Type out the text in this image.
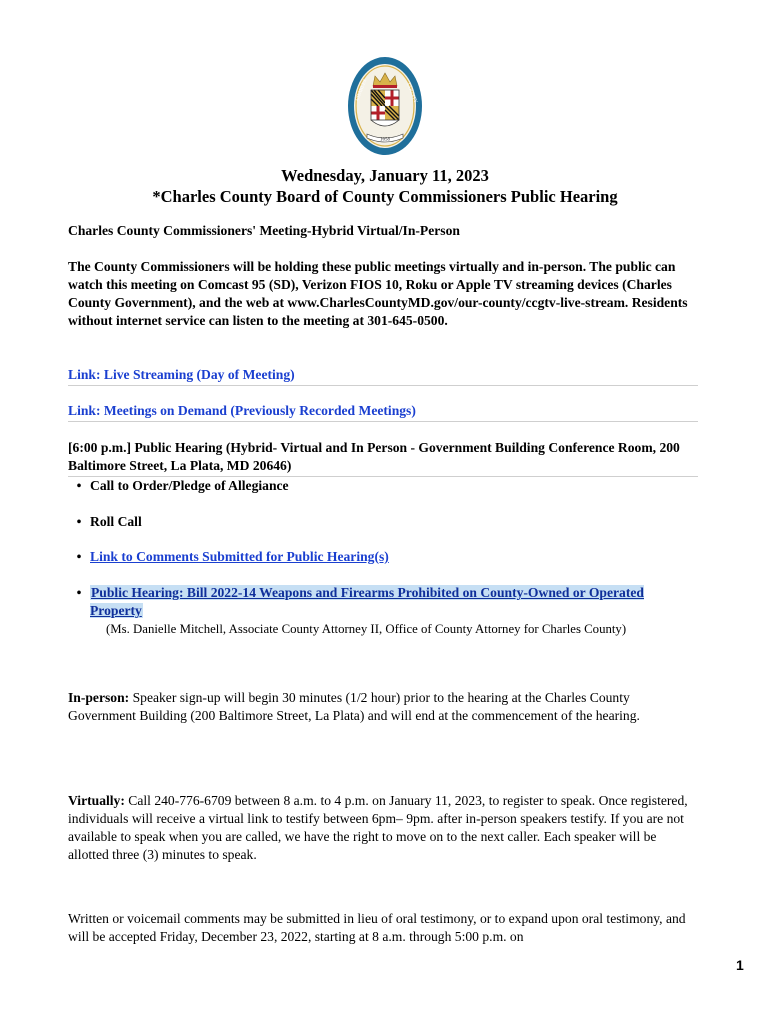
1658
CHARLES	COUNTY
Wednesday, January 11, 2023
*Charles County Board of County Commissioners Public Hearing
Charles County Commissioners' Meeting-Hybrid Virtual/In-Person
The County Commissioners will be holding these public meetings virtually and in-person. The public can watch this meeting on Comcast 95 (SD), Verizon FIOS 10, Roku or Apple TV streaming devices (Charles County Government), and the web at www.CharlesCountyMD.gov/our-county/ccgtv-live-stream. Residents without internet service can listen to the meeting at 301-645-0500.
Link: Live Streaming (Day of Meeting)
Link: Meetings on Demand (Previously Recorded Meetings)
[6:00 p.m.] Public Hearing (Hybrid- Virtual and In Person - Government Building Conference Room, 200 Baltimore Street, La Plata, MD 20646)
• Call to Order/Pledge of Allegiance
• Roll Call
• Link to Comments Submitted for Public Hearing(s)
• Public Hearing: Bill 2022-14 Weapons and Firearms Prohibited on County-Owned or Operated Property
(Ms. Danielle Mitchell, Associate County Attorney II, Office of County Attorney for Charles County)
In-person: Speaker sign-up will begin 30 minutes (1/2 hour) prior to the hearing at the Charles County Government Building (200 Baltimore Street, La Plata) and will end at the commencement of the hearing.
Virtually: Call 240-776-6709 between 8 a.m. to 4 p.m. on January 11, 2023, to register to speak. Once registered, individuals will receive a virtual link to testify between 6pm– 9pm. after in-person speakers testify. If you are not available to speak when you are called, we have the right to move on to the next caller. Each speaker will be allotted three (3) minutes to speak.
Written or voicemail comments may be submitted in lieu of oral testimony, or to expand upon oral testimony, and will be accepted Friday, December 23, 2022, starting at 8 a.m. through 5:00 p.m. on
1
